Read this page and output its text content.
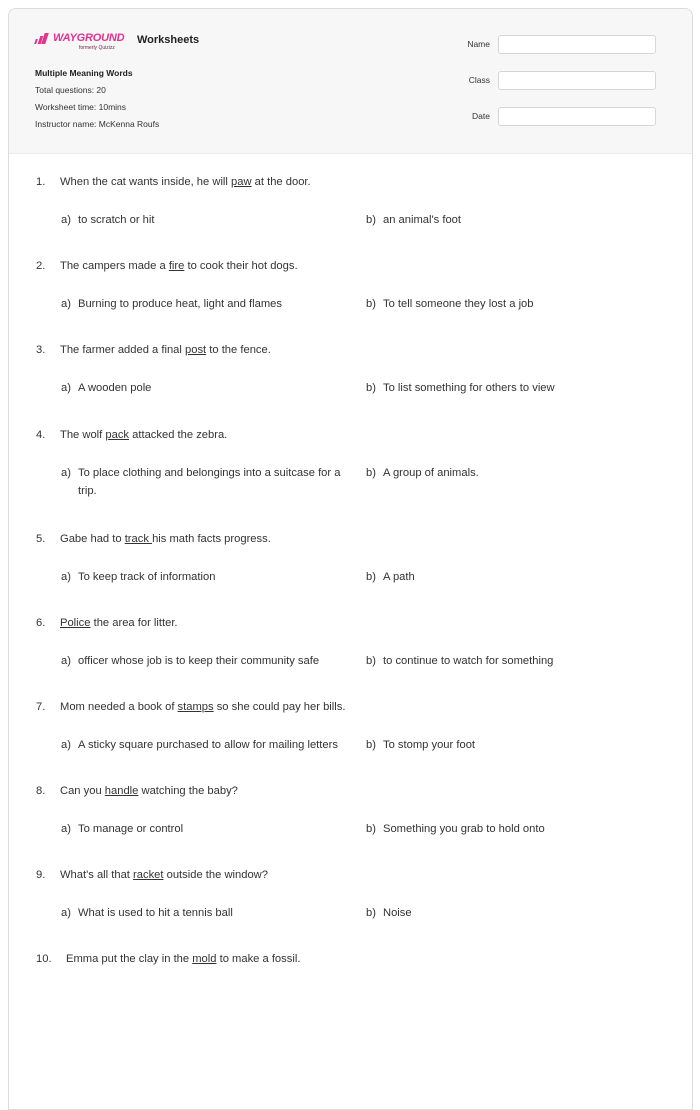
WAYGROUND
formerly Quizizz
Worksheets
Multiple Meaning Words
Total questions: 20
Worksheet time: 10mins
Instructor name: McKenna Roufs
Name
Class
Date
1. When the cat wants inside, he will paw at the door.
a) to scratch or hit	b) an animal's foot
2. The campers made a fire to cook their hot dogs.
a) Burning to produce heat, light and flames	b) To tell someone they lost a job
3. The farmer added a final post to the fence.
a) A wooden pole	b) To list something for others to view
4. The wolf pack attacked the zebra.
a) To place clothing and belongings into a suitcase for a trip.
b) A group of animals.
5. Gabe had to track his math facts progress.
a) To keep track of information	b) A path
6. Police the area for litter.
a) officer whose job is to keep their community safe	b) to continue to watch for something
7. Mom needed a book of stamps so she could pay her bills.
a) A sticky square purchased to allow for mailing letters	b) To stomp your foot
8. Can you handle watching the baby?
a) To manage or control	b) Something you grab to hold onto
9. What's all that racket outside the window?
a) What is used to hit a tennis ball	b) Noise
10. Emma put the clay in the mold to make a fossil.
